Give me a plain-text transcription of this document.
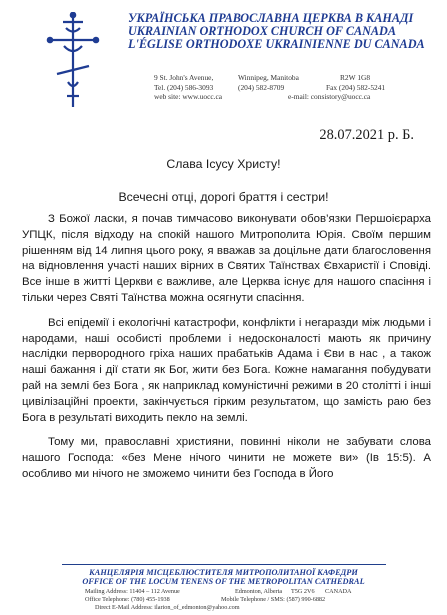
УКРАЇНСЬКА ПРАВОСЛАВНА ЦЕРКВА В КАНАДІ
UKRAINIAN ORTHODOX CHURCH OF CANADA
L'ÉGLISE ORTHODOXE UKRAINIENNE DU CANADA
9 St. John's Avenue,	Winnipeg, Manitoba	R2W 1G8
Tel. (204) 586-3093	(204) 582-8709	Fax (204) 582-5241
web site: www.uocc.ca	e-mail: consistory@uocc.ca
28.07.2021 р. Б.
Слава Ісусу Христу!
Всечесні отці, дорогі браття і сестри!

З Божої ласки, я почав тимчасово виконувати обов’язки Першоієрарха УПЦК, після відходу на спокій нашого Митрополита Юрія. Своїм першим рішенням від 14 липня цього року, я вважав за доцільне дати благословення на відновлення участі наших вірних в Святих Таїнствах Євхаристії і Сповіді. Все інше в житті Церкви є важливе, але Церква існує для нашого спасіння і тільки через Святі Таїнства можна осягнути спасіння.

Всі епідемії і екологічні катастрофи, конфлікти і негаразди між людьми і народами, наші особисті проблеми і недосконалості мають як причину наслідки первородного гріха наших прабатьків Адама і Єви в нас , а також наші бажання і дії стати як Бог, жити без Бога. Кожне намагання побудувати рай на землі без Бога , як наприклад комуністичні режими в 20 столітті і інші цивілізаційні проекти, закінчується гірким результатом, що замість раю без Бога в результаті виходить пекло на землі.

Тому ми, православні християни, повинні ніколи не забувати слова нашого Господа: «без Мене нічого чинити не можете ви» (Ів 15:5). А особливо ми нічого не зможемо чинити без Господа в Його

КАНЦЕЛЯРІЯ МІСЦЕБЛЮСТИТЕЛЯ МИТРОПОЛИТАНОЇ КАФЕДРИ
OFFICE OF THE LOCUM TENENS OF THE METROPOLITAN CATHEDRAL
Mailing Address: 11404 – 112 Avenue	Edmonton, Alberta T5G 2V6 CANADA
Office Telephone: (780) 455-1938	Mobile Telephone / SMS: (587) 990-6882
Direct E-Mail Address: ilarion_of_edmonton@yahoo.com
